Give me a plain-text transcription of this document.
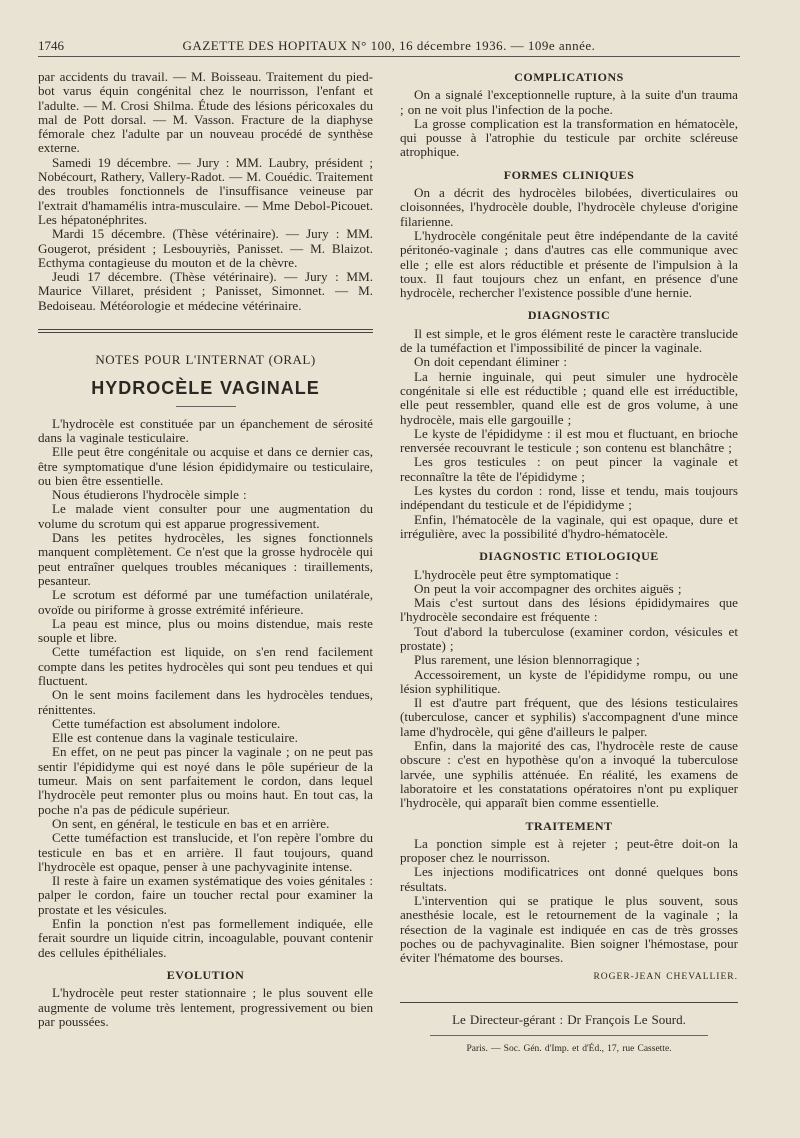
1746	GAZETTE DES HOPITAUX N° 100, 16 décembre 1936. — 109e année.

par accidents du travail. — M. Boisseau. Traitement du pied-bot varus équin congénital chez le nourrisson, l'enfant et l'adulte. — M. Crosi Shilma. Étude des lésions péricoxales du mal de Pott dorsal. — M. Vasson. Fracture de la diaphyse fémorale chez l'adulte par un nouveau procédé de synthèse externe.

Samedi 19 décembre. — Jury : MM. Laubry, président ; Nobécourt, Rathery, Vallery-Radot. — M. Couédic. Traitement des troubles fonctionnels de l'insuffisance veineuse par l'extrait d'hamamélis intra-musculaire. — Mme Debol-Picouet. Les hépatonéphrites.

Mardi 15 décembre. (Thèse vétérinaire). — Jury : MM. Gougerot, président ; Lesbouyriès, Panisset. — M. Blaizot. Ecthyma contagieuse du mouton et de la chèvre.

Jeudi 17 décembre. (Thèse vétérinaire). — Jury : MM. Maurice Villaret, président ; Panisset, Simonnet. — M. Bedoiseau. Météorologie et médecine vétérinaire.

NOTES POUR L'INTERNAT (ORAL)
HYDROCÈLE VAGINALE

L'hydrocèle est constituée par un épanchement de sérosité dans la vaginale testiculaire.

Elle peut être congénitale ou acquise et dans ce dernier cas, être symptomatique d'une lésion épididymaire ou testiculaire, ou bien être essentielle.

Nous étudierons l'hydrocèle simple :

Le malade vient consulter pour une augmentation du volume du scrotum qui est apparue progressivement.

Dans les petites hydrocèles, les signes fonctionnels manquent complètement. Ce n'est que la grosse hydrocèle qui peut entraîner quelques troubles mécaniques : tiraillements, pesanteur.

Le scrotum est déformé par une tuméfaction unilatérale, ovoïde ou piriforme à grosse extrémité inférieure.

La peau est mince, plus ou moins distendue, mais reste souple et libre.

Cette tuméfaction est liquide, on s'en rend facilement compte dans les petites hydrocèles qui sont peu tendues et qui fluctuent.

On le sent moins facilement dans les hydrocèles tendues, rénittentes.

Cette tuméfaction est absolument indolore.

Elle est contenue dans la vaginale testiculaire.

En effet, on ne peut pas pincer la vaginale ; on ne peut pas sentir l'épididyme qui est noyé dans le pôle supérieur de la tumeur. Mais on sent parfaitement le cordon, dans lequel l'hydrocèle peut remonter plus ou moins haut. En tout cas, la poche n'a pas de pédicule supérieur.

On sent, en général, le testicule en bas et en arrière.

Cette tuméfaction est translucide, et l'on repère l'ombre du testicule en bas et en arrière. Il faut toujours, quand l'hydrocèle est opaque, penser à une pachyvaginite intense.

Il reste à faire un examen systématique des voies génitales : palper le cordon, faire un toucher rectal pour examiner la prostate et les vésicules.

Enfin la ponction n'est pas formellement indiquée, elle ferait sourdre un liquide citrin, incoagulable, pouvant contenir des cellules épithéliales.

EVOLUTION

L'hydrocèle peut rester stationnaire ; le plus souvent elle augmente de volume très lentement, progressivement ou bien par poussées.

COMPLICATIONS

On a signalé l'exceptionnelle rupture, à la suite d'un trauma ; on ne voit plus l'infection de la poche.

La grosse complication est la transformation en hématocèle, qui pousse à l'atrophie du testicule par orchite scléreuse atrophique.

FORMES CLINIQUES

On a décrit des hydrocèles bilobées, diverticulaires ou cloisonnées, l'hydrocèle double, l'hydrocèle chyleuse d'origine filarienne.

L'hydrocèle congénitale peut être indépendante de la cavité péritonéo-vaginale ; dans d'autres cas elle communique avec elle ; elle est alors réductible et présente de l'impulsion à la toux. Il faut toujours chez un enfant, en présence d'une hydrocèle, rechercher l'existence possible d'une hernie.

DIAGNOSTIC

Il est simple, et le gros élément reste le caractère translucide de la tuméfaction et l'impossibilité de pincer la vaginale.

On doit cependant éliminer :

La hernie inguinale, qui peut simuler une hydrocèle congénitale si elle est réductible ; quand elle est irréductible, elle peut ressembler, quand elle est de gros volume, à une hydrocèle, mais elle gargouille ;

Le kyste de l'épididyme : il est mou et fluctuant, en brioche renversée recouvrant le testicule ; son contenu est blanchâtre ;

Les gros testicules : on peut pincer la vaginale et reconnaître la tête de l'épididyme ;

Les kystes du cordon : rond, lisse et tendu, mais toujours indépendant du testicule et de l'épididyme ;

Enfin, l'hématocèle de la vaginale, qui est opaque, dure et irrégulière, avec la possibilité d'hydro-hématocèle.

DIAGNOSTIC ETIOLOGIQUE

L'hydrocèle peut être symptomatique :

On peut la voir accompagner des orchites aiguës ;

Mais c'est surtout dans des lésions épididymaires que l'hydrocèle secondaire est fréquente :

Tout d'abord la tuberculose (examiner cordon, vésicules et prostate) ;

Plus rarement, une lésion blennorragique ;

Accessoirement, un kyste de l'épididyme rompu, ou une lésion syphilitique.

Il est d'autre part fréquent, que des lésions testiculaires (tuberculose, cancer et syphilis) s'accompagnent d'une mince lame d'hydrocèle, qui gêne d'ailleurs le palper.

Enfin, dans la majorité des cas, l'hydrocèle reste de cause obscure : c'est en hypothèse qu'on a invoqué la tuberculose larvée, une syphilis atténuée. En réalité, les examens de laboratoire et les constatations opératoires n'ont pu expliquer l'hydrocèle, qui apparaît bien comme essentielle.

TRAITEMENT

La ponction simple est à rejeter ; peut-être doit-on la proposer chez le nourrisson.

Les injections modificatrices ont donné quelques bons résultats.

L'intervention qui se pratique le plus souvent, sous anesthésie locale, est le retournement de la vaginale ; la résection de la vaginale est indiquée en cas de très grosses poches ou de pachyvaginalite. Bien soigner l'hémostase, pour éviter l'hématome des bourses.

ROGER-JEAN CHEVALLIER.
Le Directeur-gérant : Dr François Le Sourd.
Paris. — Soc. Gén. d'Imp. et d'Éd., 17, rue Cassette.
